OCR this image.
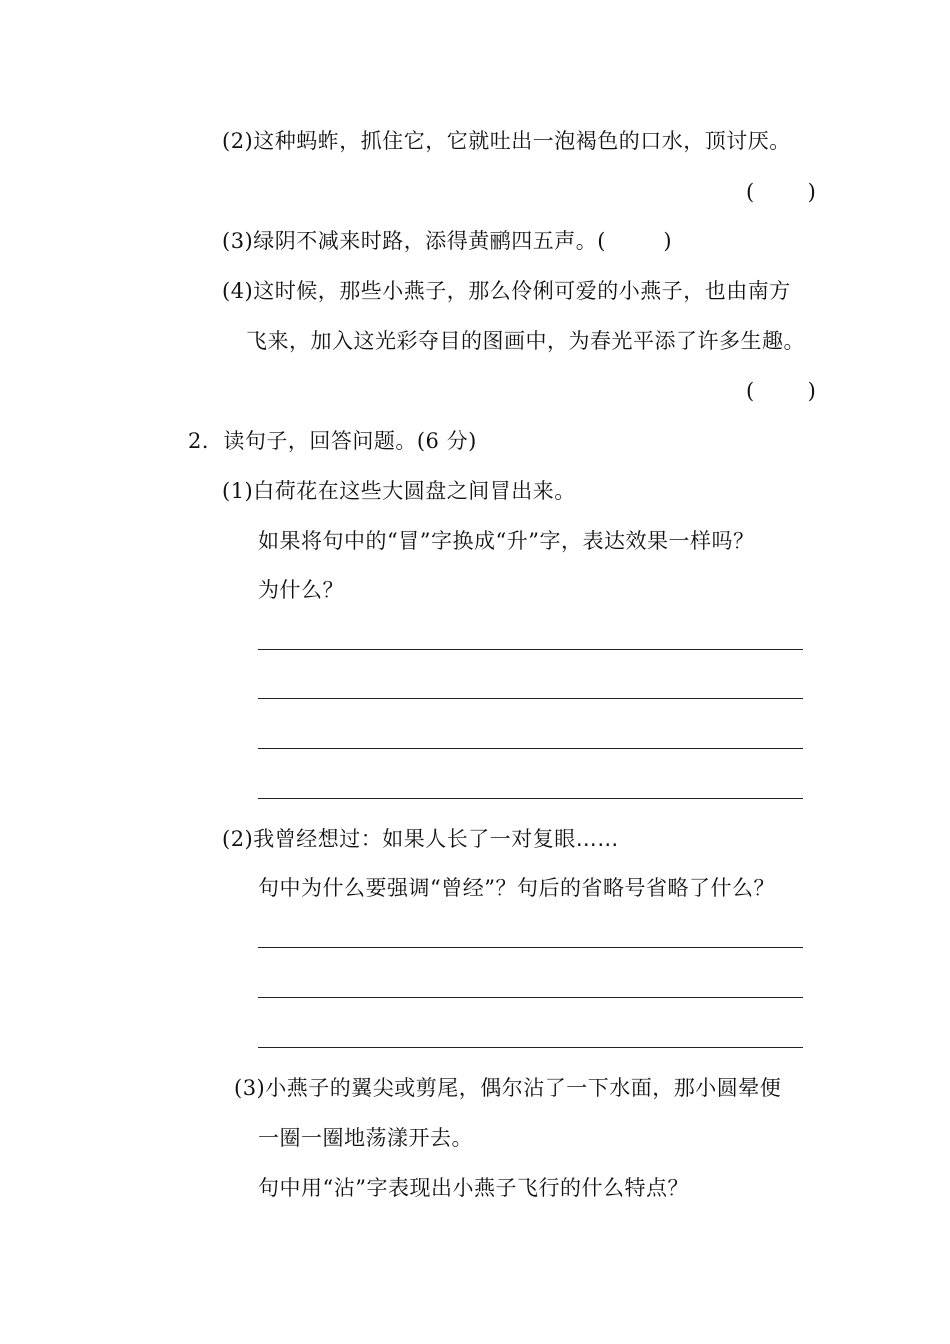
(2)这种蚂蚱，抓住它，它就吐出一泡褐色的口水，顶讨厌。
(        )
(3)绿阴不减来时路，添得黄鹂四五声。(        )
(4)这时候，那些小燕子，那么伶俐可爱的小燕子，也由南方
飞来，加入这光彩夺目的图画中，为春光平添了许多生趣。
(        )
2．读句子，回答问题。(6 分)
(1)白荷花在这些大圆盘之间冒出来。
如果将句中的“冒”字换成“升”字，表达效果一样吗？
为什么？
(2)我曾经想过：如果人长了一对复眼……
句中为什么要强调“曾经”？句后的省略号省略了什么？
(3)小燕子的翼尖或剪尾，偶尔沾了一下水面，那小圆晕便
一圈一圈地荡漾开去。
句中用“沾”字表现出小燕子飞行的什么特点？
